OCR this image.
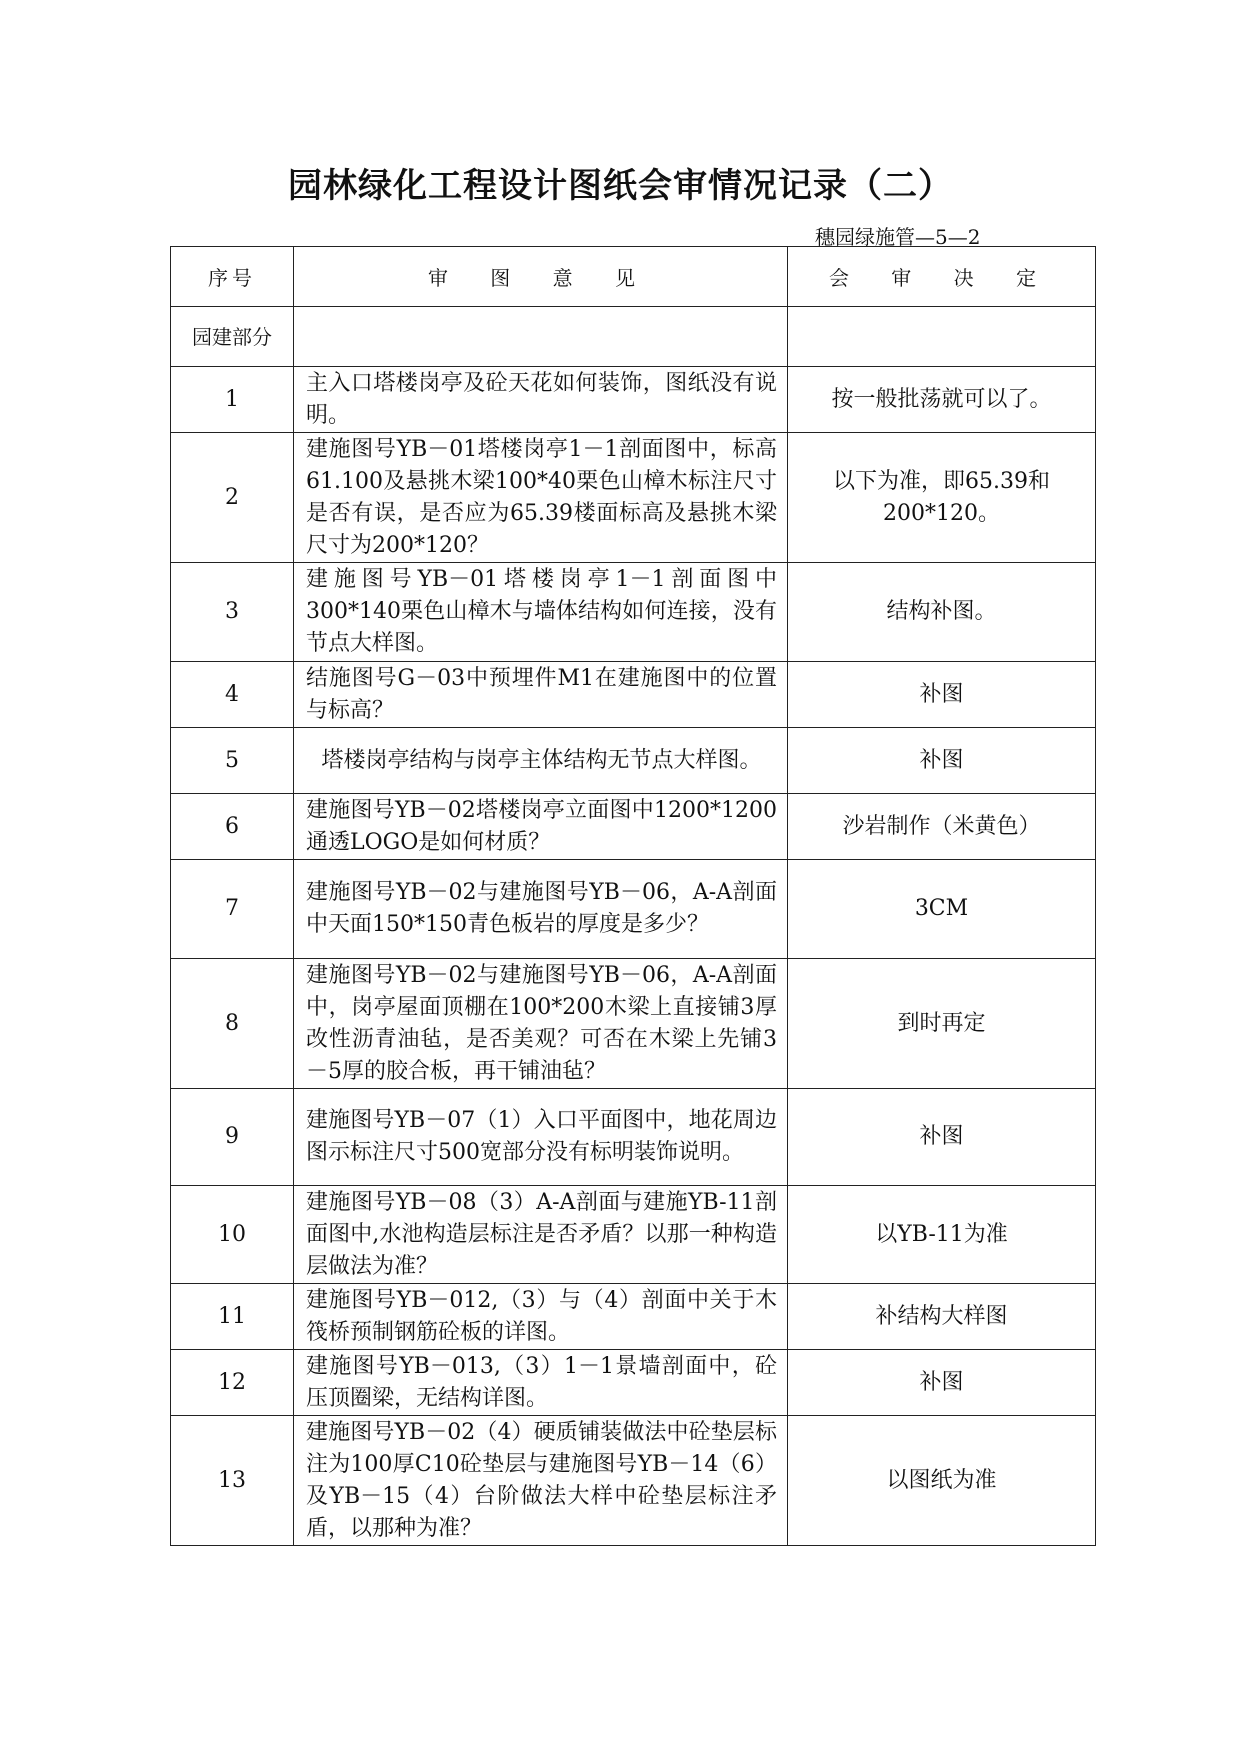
园林绿化工程设计图纸会审情况记录（二）
穗园绿施管—5—2
序号	审 图 意 见	会 审 决 定
园建部分		
1	主入口塔楼岗亭及砼天花如何装饰，图纸没有说明。	按一般批荡就可以了。
2	建施图号YB－01塔楼岗亭1－1剖面图中，标高61.100及悬挑木梁100*40栗色山樟木标注尺寸是否有误，是否应为65.39楼面标高及悬挑木梁尺寸为200*120？	以下为准，即65.39和200*120。
3	建施图号YB－01塔楼岗亭1－1剖面图中300*140栗色山樟木与墙体结构如何连接，没有节点大样图。	结构补图。
4	结施图号G－03中预埋件M1在建施图中的位置与标高？	补图
5	塔楼岗亭结构与岗亭主体结构无节点大样图。	补图
6	建施图号YB－02塔楼岗亭立面图中1200*1200通透LOGO是如何材质？	沙岩制作（米黄色）
7	建施图号YB－02与建施图号YB－06，A-A剖面中天面150*150青色板岩的厚度是多少？	3CM
8	建施图号YB－02与建施图号YB－06，A-A剖面中，岗亭屋面顶棚在100*200木梁上直接铺3厚改性沥青油毡，是否美观？可否在木梁上先铺3－5厚的胶合板，再干铺油毡？	到时再定
9	建施图号YB－07（1）入口平面图中，地花周边图示标注尺寸500宽部分没有标明装饰说明。	补图
10	建施图号YB－08（3）A-A剖面与建施YB-11剖面图中,水池构造层标注是否矛盾？以那一种构造层做法为准？	以YB-11为准
11	建施图号YB－012,（3）与（4）剖面中关于木筏桥预制钢筋砼板的详图。	补结构大样图
12	建施图号YB－013,（3）1－1景墙剖面中，砼压顶圈梁，无结构详图。	补图
13	建施图号YB－02（4）硬质铺装做法中砼垫层标注为100厚C10砼垫层与建施图号YB－14（6）及YB－15（4）台阶做法大样中砼垫层标注矛盾，以那种为准？	以图纸为准
